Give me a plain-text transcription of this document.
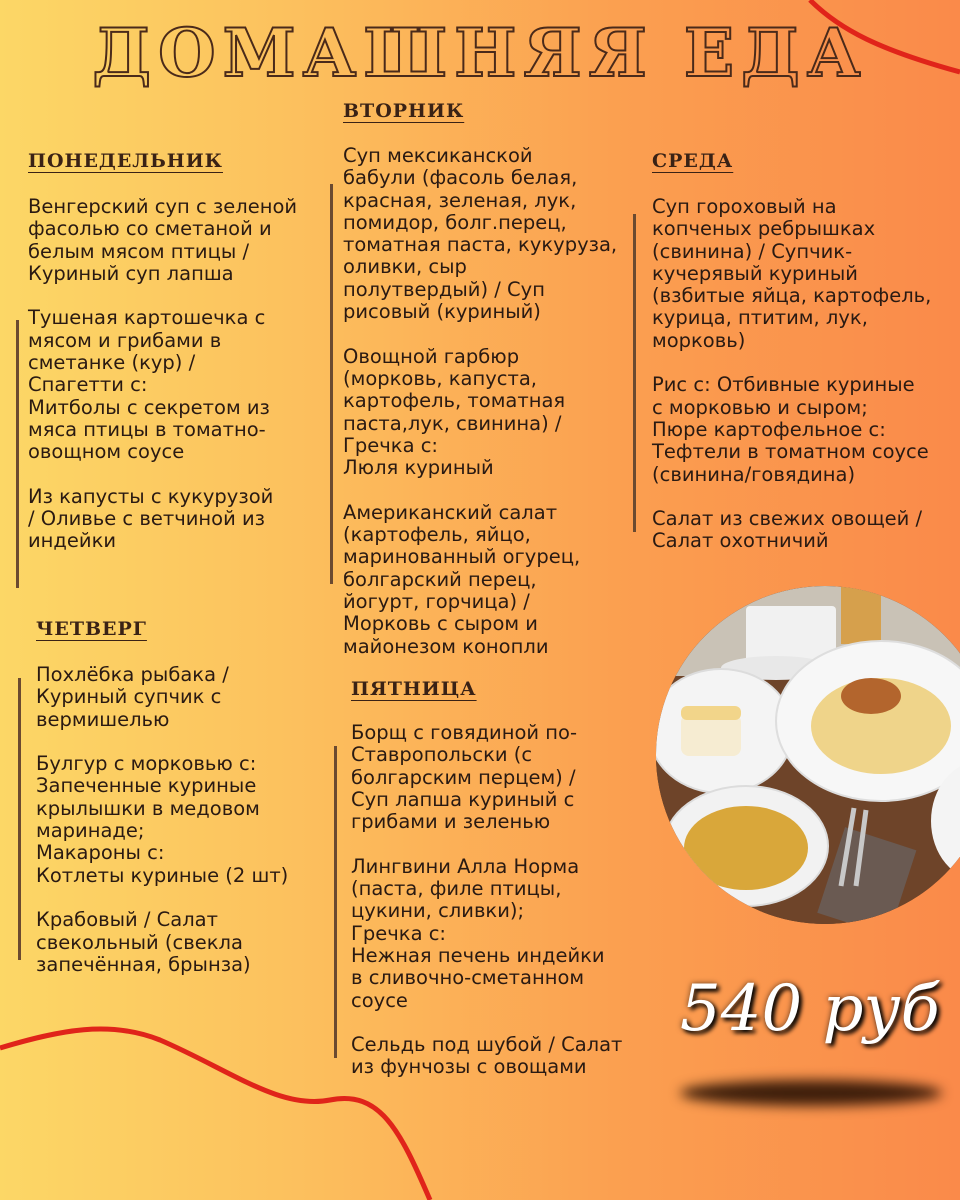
ДОМАШНЯЯ ЕДА
ПОНЕДЕЛЬНИК
Венгерский суп с зеленой
фасолью со сметаной и
белым мясом птицы /
Куриный суп лапша
Тушеная картошечка с
мясом и грибами в
сметанке (кур) /
Спагетти с:
Митболы с секретом из
мяса птицы в томатно-
овощном соусе
Из капусты с кукурузой
/ Оливье с ветчиной из
индейки
ВТОРНИК
Суп мексиканской
бабули (фасоль белая,
красная, зеленая, лук,
помидор, болг.перец,
томатная паста, кукуруза,
оливки, сыр
полутвердый) / Суп
рисовый (куриный)
Овощной гарбюр
(морковь, капуста,
картофель, томатная
паста,лук, свинина) /
Гречка с:
Люля куриный
Американский салат
(картофель, яйцо,
маринованный огурец,
болгарский перец,
йогурт, горчица) /
Морковь с сыром и
майонезом конопли
СРЕДА
Суп гороховый на
копченых ребрышках
(свинина) / Супчик-
кучерявый куриный
(взбитые яйца, картофель,
курица, птитим, лук,
морковь)
Рис с: Отбивные куриные
с морковью и сыром;
Пюре картофельное с:
Тефтели в томатном соусе
(свинина/говядина)
Салат из свежих овощей /
Салат охотничий
ЧЕТВЕРГ
Похлёбка рыбака /
Куриный супчик с
вермишелью
Булгур с морковью с:
Запеченные куриные
крылышки в медовом
маринаде;
Макароны с:
Котлеты куриные (2 шт)
Крабовый / Салат
свекольный (свекла
запечённая, брынза)
ПЯТНИЦА
Борщ с говядиной по-
Ставропольски (с
болгарским перцем) /
Суп лапша куриный с
грибами и зеленью
Лингвини Алла Норма
(паста, филе птицы,
цукини, сливки);
Гречка с:
Нежная печень индейки
в сливочно-сметанном
соусе
Сельдь под шубой / Салат
из фунчозы с овощами
540 руб
